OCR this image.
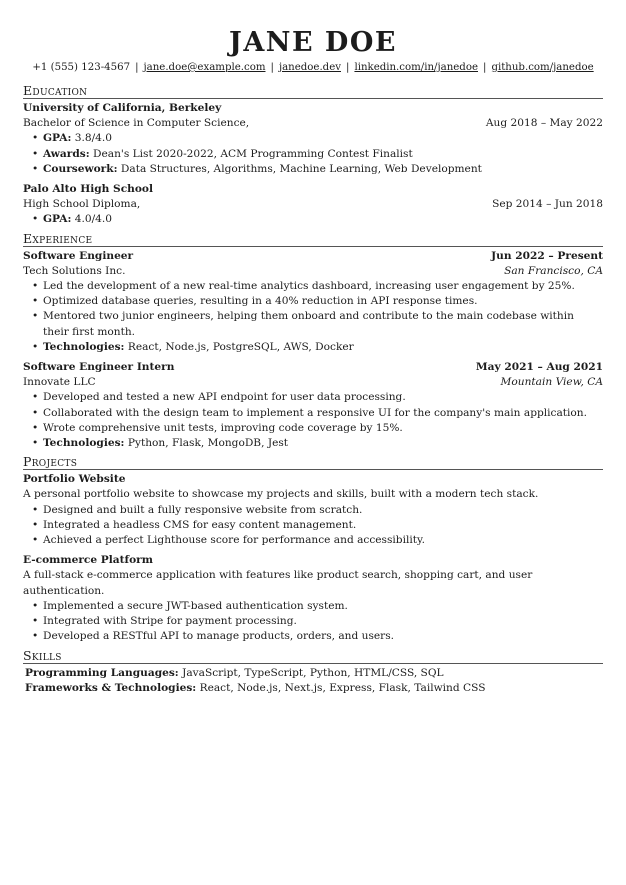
JANE DOE
+1 (555) 123-4567 | jane.doe@example.com | janedoe.dev | linkedin.com/in/janedoe | github.com/janedoe
Education
University of California, Berkeley
Bachelor of Science in Computer Science,	Aug 2018 – May 2022
• GPA: 3.8/4.0
• Awards: Dean's List 2020-2022, ACM Programming Contest Finalist
• Coursework: Data Structures, Algorithms, Machine Learning, Web Development
Palo Alto High School
High School Diploma,	Sep 2014 – Jun 2018
• GPA: 4.0/4.0
Experience
Software Engineer	Jun 2022 – Present
Tech Solutions Inc.	San Francisco, CA
• Led the development of a new real-time analytics dashboard, increasing user engagement by 25%.
• Optimized database queries, resulting in a 40% reduction in API response times.
• Mentored two junior engineers, helping them onboard and contribute to the main codebase within their first month.
• Technologies: React, Node.js, PostgreSQL, AWS, Docker
Software Engineer Intern	May 2021 – Aug 2021
Innovate LLC	Mountain View, CA
• Developed and tested a new API endpoint for user data processing.
• Collaborated with the design team to implement a responsive UI for the company's main application.
• Wrote comprehensive unit tests, improving code coverage by 15%.
• Technologies: Python, Flask, MongoDB, Jest
Projects
Portfolio Website
A personal portfolio website to showcase my projects and skills, built with a modern tech stack.
• Designed and built a fully responsive website from scratch.
• Integrated a headless CMS for easy content management.
• Achieved a perfect Lighthouse score for performance and accessibility.
E-commerce Platform
A full-stack e-commerce application with features like product search, shopping cart, and user authentication.
• Implemented a secure JWT-based authentication system.
• Integrated with Stripe for payment processing.
• Developed a RESTful API to manage products, orders, and users.
Skills
Programming Languages: JavaScript, TypeScript, Python, HTML/CSS, SQL
Frameworks & Technologies: React, Node.js, Next.js, Express, Flask, Tailwind CSS
